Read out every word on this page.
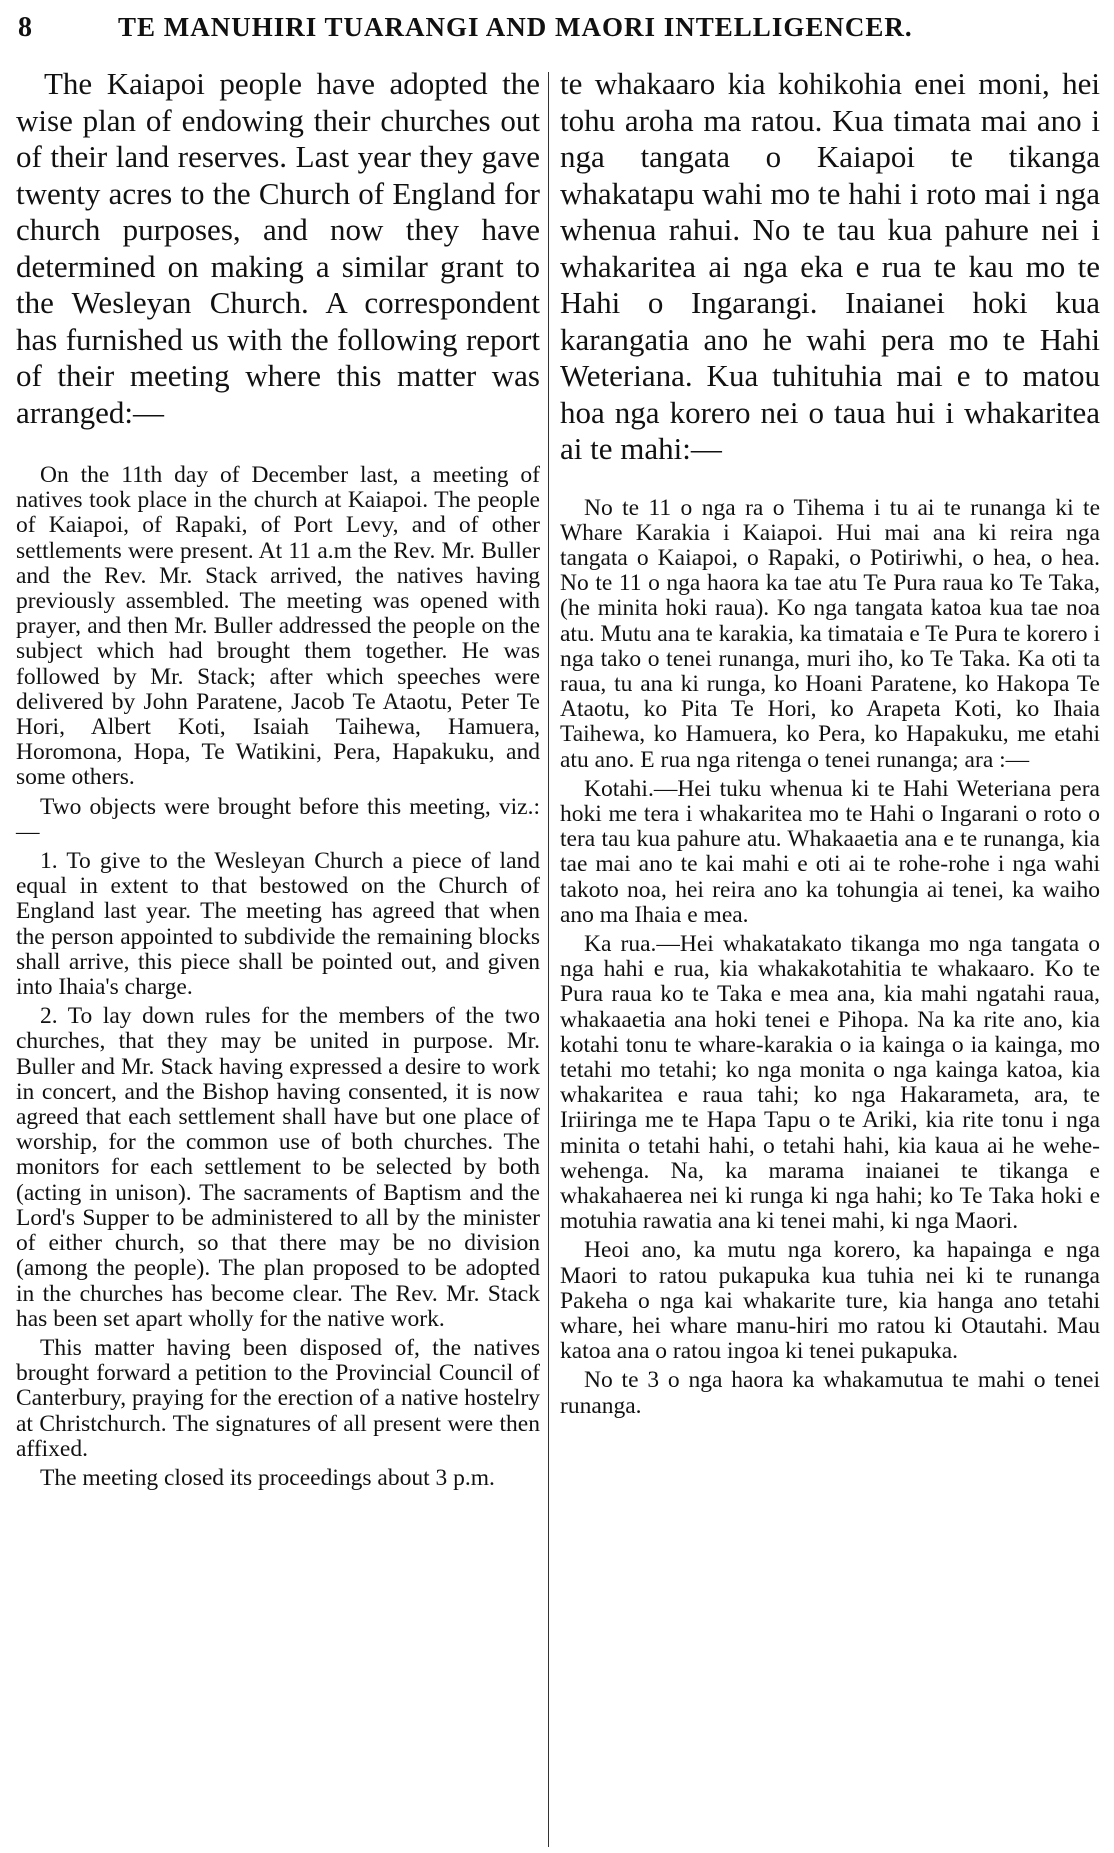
8	TE MANUHIRI TUARANGI AND MAORI INTELLIGENCER.

The Kaiapoi people have adopted the wise plan of endowing their churches out of their land reserves. Last year they gave twenty acres to the Church of England for church purposes, and now they have determined on making a similar grant to the Wesleyan Church. A correspondent has furnished us with the following report of their meeting where this matter was arranged:—

On the 11th day of December last, a meeting of natives took place in the church at Kaiapoi. The people of Kaiapoi, of Rapaki, of Port Levy, and of other settlements were present. At 11 a.m the Rev. Mr. Buller and the Rev. Mr. Stack arrived, the natives having previously assembled. The meeting was opened with prayer, and then Mr. Buller addressed the people on the subject which had brought them together. He was followed by Mr. Stack; after which speeches were delivered by John Paratene, Jacob Te Ataotu, Peter Te Hori, Albert Koti, Isaiah Taihewa, Hamuera, Horomona, Hopa, Te Watikini, Pera, Hapakuku, and some others.

Two objects were brought before this meeting, viz.:—

1. To give to the Wesleyan Church a piece of land equal in extent to that bestowed on the Church of England last year. The meeting has agreed that when the person appointed to subdivide the remaining blocks shall arrive, this piece shall be pointed out, and given into Ihaia's charge.

2. To lay down rules for the members of the two churches, that they may be united in purpose. Mr. Buller and Mr. Stack having expressed a desire to work in concert, and the Bishop having consented, it is now agreed that each settlement shall have but one place of worship, for the common use of both churches. The monitors for each settlement to be selected by both (acting in unison). The sacraments of Baptism and the Lord's Supper to be administered to all by the minister of either church, so that there may be no division (among the people). The plan proposed to be adopted in the churches has become clear. The Rev. Mr. Stack has been set apart wholly for the native work.

This matter having been disposed of, the natives brought forward a petition to the Provincial Council of Canterbury, praying for the erection of a native hostelry at Christchurch. The signatures of all present were then affixed.

The meeting closed its proceedings about 3 p.m.

te whakaaro kia kohikohia enei moni, hei tohu aroha ma ratou. Kua timata mai ano i nga tangata o Kaiapoi te tikanga whakatapu wahi mo te hahi i roto mai i nga whenua rahui. No te tau kua pahure nei i whakaritea ai nga eka e rua te kau mo te Hahi o Ingarangi. Inaianei hoki kua karangatia ano he wahi pera mo te Hahi Weteriana. Kua tuhituhia mai e to matou hoa nga korero nei o taua hui i whakaritea ai te mahi:—

No te 11 o nga ra o Tihema i tu ai te runanga ki te Whare Karakia i Kaiapoi. Hui mai ana ki reira nga tangata o Kaiapoi, o Rapaki, o Potiriwhi, o hea, o hea. No te 11 o nga haora ka tae atu Te Pura raua ko Te Taka, (he minita hoki raua). Ko nga tangata katoa kua tae noa atu. Mutu ana te karakia, ka timataia e Te Pura te korero i nga tako o tenei runanga, muri iho, ko Te Taka. Ka oti ta raua, tu ana ki runga, ko Hoani Paratene, ko Hakopa Te Ataotu, ko Pita Te Hori, ko Arapeta Koti, ko Ihaia Taihewa, ko Hamuera, ko Pera, ko Hapakuku, me etahi atu ano. E rua nga ritenga o tenei runanga; ara :—

Kotahi.—Hei tuku whenua ki te Hahi Weteriana pera hoki me tera i whakaritea mo te Hahi o Ingarani o roto o tera tau kua pahure atu. Whakaaetia ana e te runanga, kia tae mai ano te kai mahi e oti ai te rohe-rohe i nga wahi takoto noa, hei reira ano ka tohungia ai tenei, ka waiho ano ma Ihaia e mea.

Ka rua.—Hei whakatakato tikanga mo nga tangata o nga hahi e rua, kia whakakotahitia te whakaaro. Ko te Pura raua ko te Taka e mea ana, kia mahi ngatahi raua, whakaaetia ana hoki tenei e Pihopa. Na ka rite ano, kia kotahi tonu te whare-karakia o ia kainga o ia kainga, mo tetahi mo tetahi; ko nga monita o nga kainga katoa, kia whakaritea e raua tahi; ko nga Hakarameta, ara, te Iriiringa me te Hapa Tapu o te Ariki, kia rite tonu i nga minita o tetahi hahi, o tetahi hahi, kia kaua ai he wehe-wehenga. Na, ka marama inaianei te tikanga e whakahaerea nei ki runga ki nga hahi; ko Te Taka hoki e motuhia rawatia ana ki tenei mahi, ki nga Maori.

Heoi ano, ka mutu nga korero, ka hapainga e nga Maori to ratou pukapuka kua tuhia nei ki te runanga Pakeha o nga kai whakarite ture, kia hanga ano tetahi whare, hei whare manu-hiri mo ratou ki Otautahi. Mau katoa ana o ratou ingoa ki tenei pukapuka.

No te 3 o nga haora ka whakamutua te mahi o tenei runanga.
